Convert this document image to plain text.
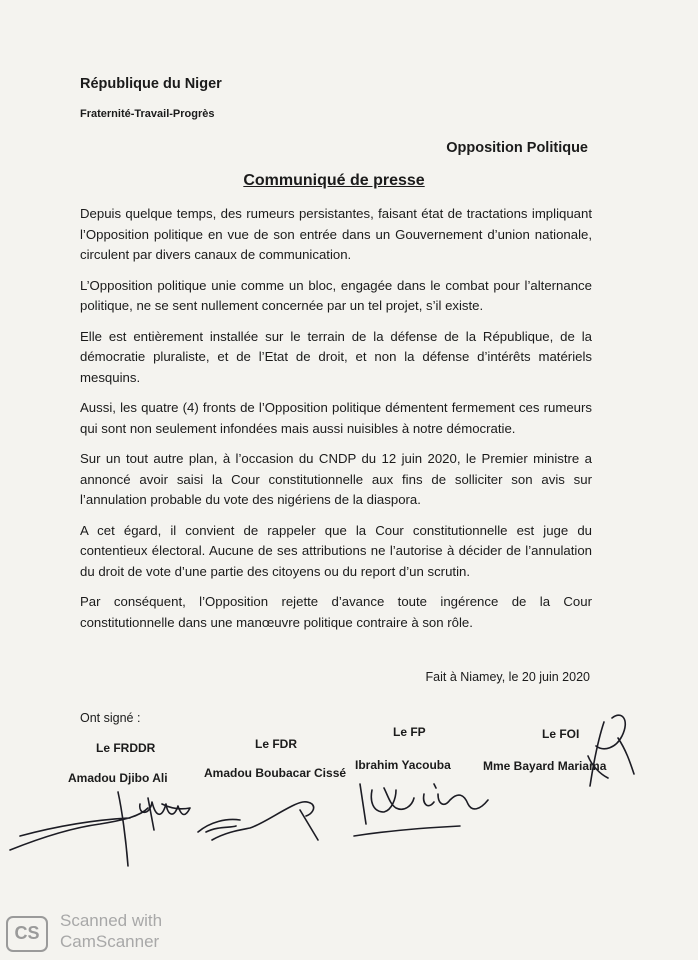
République du Niger
Fraternité-Travail-Progrès
Opposition Politique
Communiqué de presse

Depuis quelque temps, des rumeurs persistantes, faisant état de tractations impliquant l’Opposition politique en vue de son entrée dans un Gouvernement d’union nationale, circulent par divers canaux de communication.

L’Opposition politique unie comme un bloc, engagée dans le combat pour l’alternance politique, ne se sent nullement concernée par un tel projet, s’il existe.

Elle est entièrement installée sur le terrain de la défense de la République, de la démocratie pluraliste, et de l’Etat de droit, et non la défense d’intérêts matériels mesquins.

Aussi, les quatre (4) fronts de l’Opposition politique démentent fermement ces rumeurs qui sont non seulement infondées mais aussi nuisibles à notre démocratie.

Sur un tout autre plan, à l’occasion du CNDP du 12 juin 2020, le Premier ministre a annoncé avoir saisi la Cour constitutionnelle aux fins de solliciter son avis sur l’annulation probable du vote des nigériens de la diaspora.

A cet égard, il convient de rappeler que la Cour constitutionnelle est juge du contentieux électoral. Aucune de ses attributions ne l’autorise à décider de l’annulation du droit de vote d’une partie des citoyens ou du report d’un scrutin.

Par conséquent, l’Opposition rejette d’avance toute ingérence de la Cour constitutionnelle dans une manœuvre politique contraire à son rôle.

Fait à Niamey, le 20 juin 2020
Ont signé :
Le FRDDR	Le FDR
Le FP	Le FOI
Amadou Djibo Ali	Amadou Boubacar Cissé
Ibrahim Yacouba	Mme Bayard Mariama
CS
Scanned with
CamScanner
